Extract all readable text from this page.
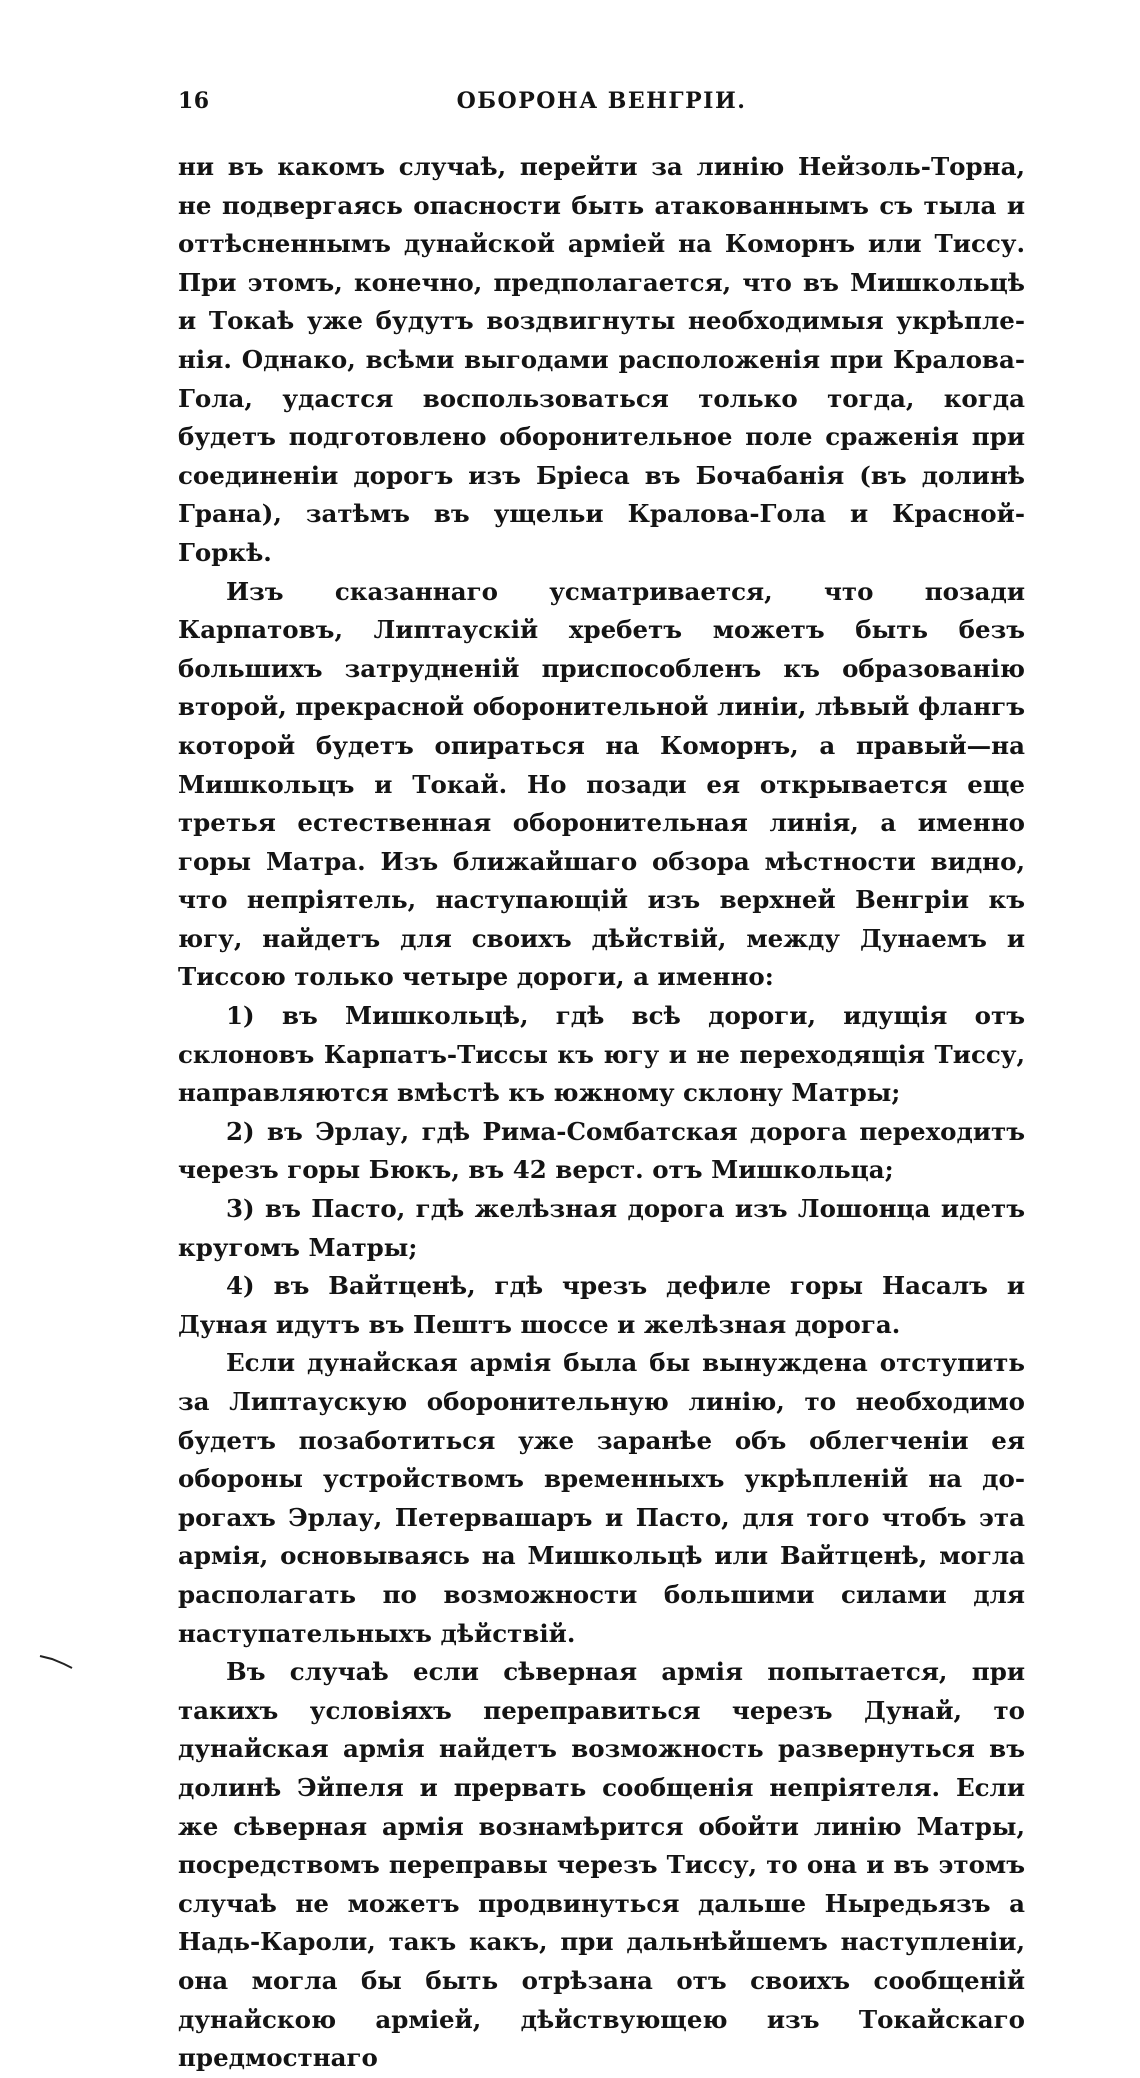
16	ОБОРОНА ВЕНГРІИ.

ни въ какомъ случаѣ, перейти за линію Нейзоль-Торна, не подвергаясь опасности быть атакованнымъ съ тыла и оттѣсненнымъ дунайской арміей на Коморнъ или Тиссу. При этомъ, конечно, предполагается, что въ Мишкольцѣ и Токаѣ уже будутъ воздвигнуты необходимыя укрѣпленія. Однако, всѣми выгодами расположенія при Кралова-Гола, удастся воспользоваться только тогда, когда будетъ подготовлено оборонительное поле сраженія при соединеніи дорогъ изъ Бріеса въ Бочабанія (въ долинѣ Грана), затѣмъ въ ущельи Кралова-Гола и Красной-Горкѣ.

Изъ сказаннаго усматривается, что позади Карпатовъ, Липтаускій хребетъ можетъ быть безъ большихъ затрудненій приспособленъ къ образованію второй, прекрасной оборонительной линіи, лѣвый флангъ которой будетъ опираться на Коморнъ, а правый—на Мишкольцъ и Токай. Но позади ея открывается еще третья естественная оборонительная линія, а именно горы Матра. Изъ ближайшаго обзора мѣстности видно, что непріятель, наступающій изъ верхней Венгріи къ югу, найдетъ для своихъ дѣйствій, между Дунаемъ и Тиссою только четыре дороги, а именно:

1) въ Мишкольцѣ, гдѣ всѣ дороги, идущія отъ склоновъ Карпатъ-Тиссы къ югу и не переходящія Тиссу, направляются вмѣстѣ къ южному склону Матры;

2) въ Эрлау, гдѣ Рима-Сомбатская дорога переходитъ черезъ горы Бюкъ, въ 42 верст. отъ Мишкольца;

3) въ Пасто, гдѣ желѣзная дорога изъ Лошонца идетъ кругомъ Матры;

4) въ Вайтценѣ, гдѣ чрезъ дефиле горы Насалъ и Дуная идутъ въ Пештъ шоссе и желѣзная дорога.

Если дунайская армія была бы вынуждена отступить за Липтаускую оборонительную линію, то необходимо будетъ позаботиться уже заранѣе объ облегченіи ея обороны устройствомъ временныхъ укрѣпленій на дорогахъ Эрлау, Петервашаръ и Пасто, для того чтобъ эта армія, основываясь на Мишкольцѣ или Вайтценѣ, могла располагать по возможности большими силами для наступательныхъ дѣйствій.

Въ случаѣ если сѣверная армія попытается, при такихъ условіяхъ переправиться черезъ Дунай, то дунайская армія найдетъ возможность развернуться въ долинѣ Эйпеля и прервать сообщенія непріятеля. Если же сѣверная армія вознамѣрится обойти линію Матры, посредствомъ переправы черезъ Тиссу, то она и въ этомъ случаѣ не можетъ продвинуться дальше Ныредьязъ а Надь-Кароли, такъ какъ, при дальнѣйшемъ наступленіи, она могла бы быть отрѣзана отъ своихъ сообщеній дунайскою арміей, дѣйствующею изъ Токайскаго предмостнаго
